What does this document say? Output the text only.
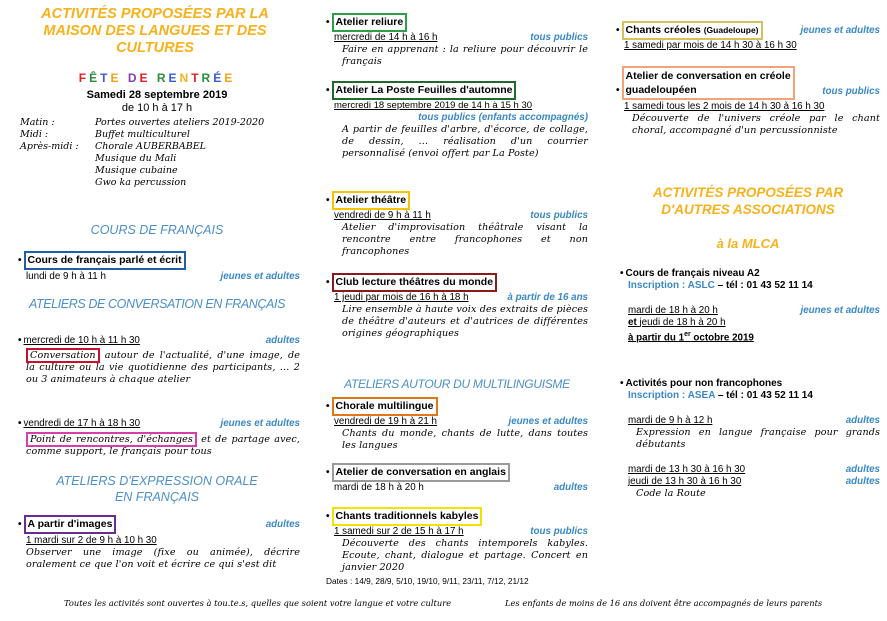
ACTIVITÉS PROPOSÉES PAR LA MAISON DES LANGUES ET DES CULTURES
FÊTE DE RENTRÉE
Samedi 28 septembre 2019
de 10 h à 17 h
Matin :	Portes ouvertes ateliers 2019-2020
Midi :	Buffet multiculturel
Après-midi :	Chorale AUBERBABEL
Musique du Mali
Musique cubaine
Gwo ka percussion
COURS DE FRANÇAIS
• Cours de français parlé et écrit
lundi de 9 h à 11 h	jeunes et adultes
ATELIERS DE CONVERSATION EN FRANÇAIS
• mercredi de 10 h à 11 h 30	adultes
Conversation autour de l'actualité, d'une image, de la culture ou la vie quotidienne des participants, … 2 ou 3 animateurs à chaque atelier
• vendredi de 17 h à 18 h 30	jeunes et adultes
Point de rencontres, d'échanges et de partage avec, comme support, le français pour tous
ATELIERS D'EXPRESSION ORALE EN FRANÇAIS
• A partir d'images	adultes
1 mardi sur 2 de 9 h à 10 h 30
Observer une image (fixe ou animée), décrire oralement ce que l'on voit et écrire ce qui s'est dit
• Atelier reliure
mercredi de 14 h à 16 h	tous publics
Faire en apprenant : la reliure pour découvrir le français
• Atelier La Poste Feuilles d'automne
mercredi 18 septembre 2019 de 14 h à 15 h 30
tous publics (enfants accompagnés)
A partir de feuilles d'arbre, d'écorce, de collage, de dessin, … réalisation d'un courrier personnalisé (envoi offert par La Poste)
• Atelier théâtre
vendredi de 9 h à 11 h	tous publics
Atelier d'improvisation théâtrale visant la rencontre entre francophones et non francophones
• Club lecture théâtres du monde
1 jeudi par mois de 16 h à 18 h	à partir de 16 ans
Lire ensemble à haute voix des extraits de pièces de théâtre d'auteurs et d'autrices de différentes origines géographiques
ATELIERS AUTOUR DU MULTILINGUISME
• Chorale multilingue
vendredi de 19 h à 21 h	jeunes et adultes
Chants du monde, chants de lutte, dans toutes les langues
• Atelier de conversation en anglais
mardi de 18 h à 20 h	adultes
• Chants traditionnels kabyles
1 samedi sur 2 de 15 h à 17 h	tous publics
Découverte des chants intemporels kabyles. Ecoute, chant, dialogue et partage. Concert en janvier 2020
Dates : 14/9, 28/9, 5/10, 19/10, 9/11, 23/11, 7/12, 21/12
• Chants créoles (Guadeloupe)	jeunes et adultes
1 samedi par mois de 14 h 30 à 16 h 30
•Atelier de conversation en créole
guadeloupéen	tous publics
1 samedi tous les 2 mois de 14 h 30 à 16 h 30
Découverte de l'univers créole par le chant choral, accompagné d'un percussionniste
ACTIVITÉS PROPOSÉES PAR D'AUTRES ASSOCIATIONS
à la MLCA
• Cours de français niveau A2
Inscription : ASLC – tél : 01 43 52 11 14
mardi de 18 h à 20 h	jeunes et adultes
et jeudi de 18 h à 20 h
à partir du 1er octobre 2019
• Activités pour non francophones
Inscription : ASEA – tél : 01 43 52 11 14
mardi de 9 h à 12 h	adultes
Expression en langue française pour grands débutants
mardi de 13 h 30 à 16 h 30	adultes
jeudi de 13 h 30 à 16 h 30	adultes
Code la Route
Toutes les activités sont ouvertes à tou.te.s, quelles que soient votre langue et votre culture	Les enfants de moins de 16 ans doivent être accompagnés de leurs parents
